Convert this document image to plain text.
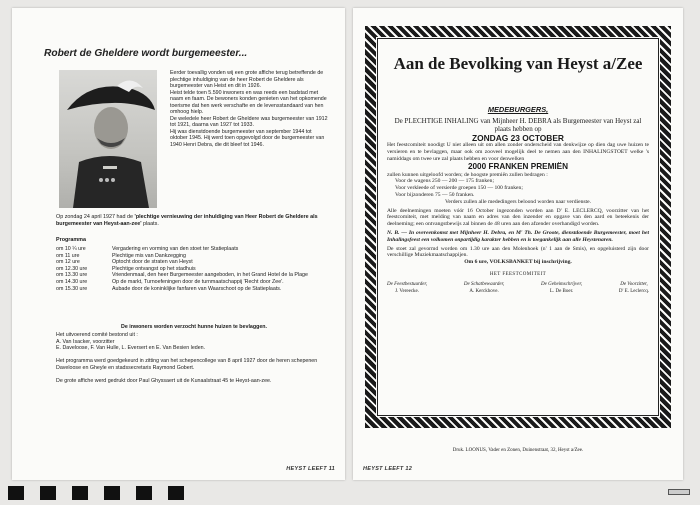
Robert de Gheldere wordt burgemeester...

Eerder toevallig vonden wij een grote affiche terug betreffende de plechtige inhuldiging van de heer Robert de Gheldere als burgemeester van Heist en dit in 1926.

Heist telde toen 5.590 inwoners en was reeds een badstad met naam en faam. De bewoners konden genieten van het opkomende toerisme dat hen werk verschafte en de levensstandaard van hen omhoog hielp.

De weledele heer Robert de Gheldere was burgemeester van 1912 tot 1921, daarna van 1927 tot 1933.

Hij was dienstdoende burgemeester van september 1944 tot oktober 1945. Hij werd toen opgevolgd door de burgemeester van 1940 Henri Debra, die dit bleef tot 1946.

Op zondag 24 april 1927 had de 'plechtige vernieuwing der inhuldiging van Heer Robert de Gheldere als burgemeester van Heyst-aan-zee' plaats.
Programma
om 10 ¼ ure	Vergadering en vorming van den stoet ter Statieplaats
om 11 ure	Plechtige mis van Dankzegging
om 12 ure	Optocht door de straten van Heyst
om 12.30 ure	Plechtige ontvangst op het stadhuis
om 13.30 ure	Vriendenmaal, den heer Burgemeester aangeboden, in het Grand Hotel de la Plage
om 14.30 ure	Op de markt, Turnoefeningen door de turnmaatschappij 'Recht door Zee'.
om 15.30 ure	Aubade door de koninklijke fanfaren van Waarschoot op de Statieplaats.
De inwoners worden verzocht hunne huizen te bevlaggen.
Het uitvoerend comité bestond uit :
A. Van Isacker, voorzitter
E. Daveloose, F. Van Hulle, L. Eversert en E. Van Besien leden.
Het programma werd goedgekeurd in zitting van het schepencollege van 8 april 1927 door de heren schepenen Daveloose en Gheyle en stadssecretaris Raymond Gobert.
De grote affiche werd gedrukt door Paul Ghyssaert uit de Kunaalstraat 45 te Heyst-aan-zee.
HEYST LEEFT 11
Aan de Bevolking van Heyst a/Zee
MEDEBURGERS,
De PLECHTIGE INHALING van Mijnheer H. DEBRA als Burgemeester van Heyst zal plaats hebben op
ZONDAG 23 OCTOBER
Het feestcomiteit noodigt U niet alleen uit om allen zonder onderscheid van denkwijze op dien dag uwe huizen te versieren en te bevlaggen, maar ook om zooveel mogelijk deel te nemen aan den INHALINGSTOET welke 's namiddags om twee ure zal plaats hebben en voor denwelken
2000 FRANKEN PREMIËN
zullen kunnen uitgeloofd worden; de hoogste premiën zullen bedragen :
Voor de wagens 250 — 200 — 175 franken;
Voor verkleede of versierde groepen 150 — 100 franken;
Voor bijzonderen 75 — 50 franken.
Verders zullen alle mededingers beloond worden naar verdienste.
Alle deelnemingen moeten vóór 16 October ingezonden worden aan D' E. LECLERCQ, voorzitter van het feestcomiteit, met melding van naam en adres van den inzender en opgave van den aard en beteekenis der deelneming; een ontvangstbewijs zal binnen de 48 uren aan den afzender overhandigd worden.
N. B. — In overeenkomst met Mijnheer H. Debra, en M' Th. De Groote, dienstdoende Burgemeester, moet het Inhalingsfeest een volkomen onpartijdig karakter hebben en is toegankelijk aan alle Heystenaren.
De stoet zal gevormd worden om 1.30 ure aan den Molenhoek (n' 1 aan de Smis), en opgeluisterd zijn door verschillige Muziekmaatschappijen.
Om 6 ure, VOLKSBANKET bij inschrijving.
HET FEESTCOMITEIT
De Feestbestuurder,
J. Vereecke.
De Schatbewaarder,
A. Kerckhove.
De Geheimschrijver,
L. De Boer.
De Voorzitter,
D' E. Leclercq.
Druk. LOONUS, Vader en Zonen, Duinenstraat, 32, Heyst a/Zee.
HEYST LEEFT 12
